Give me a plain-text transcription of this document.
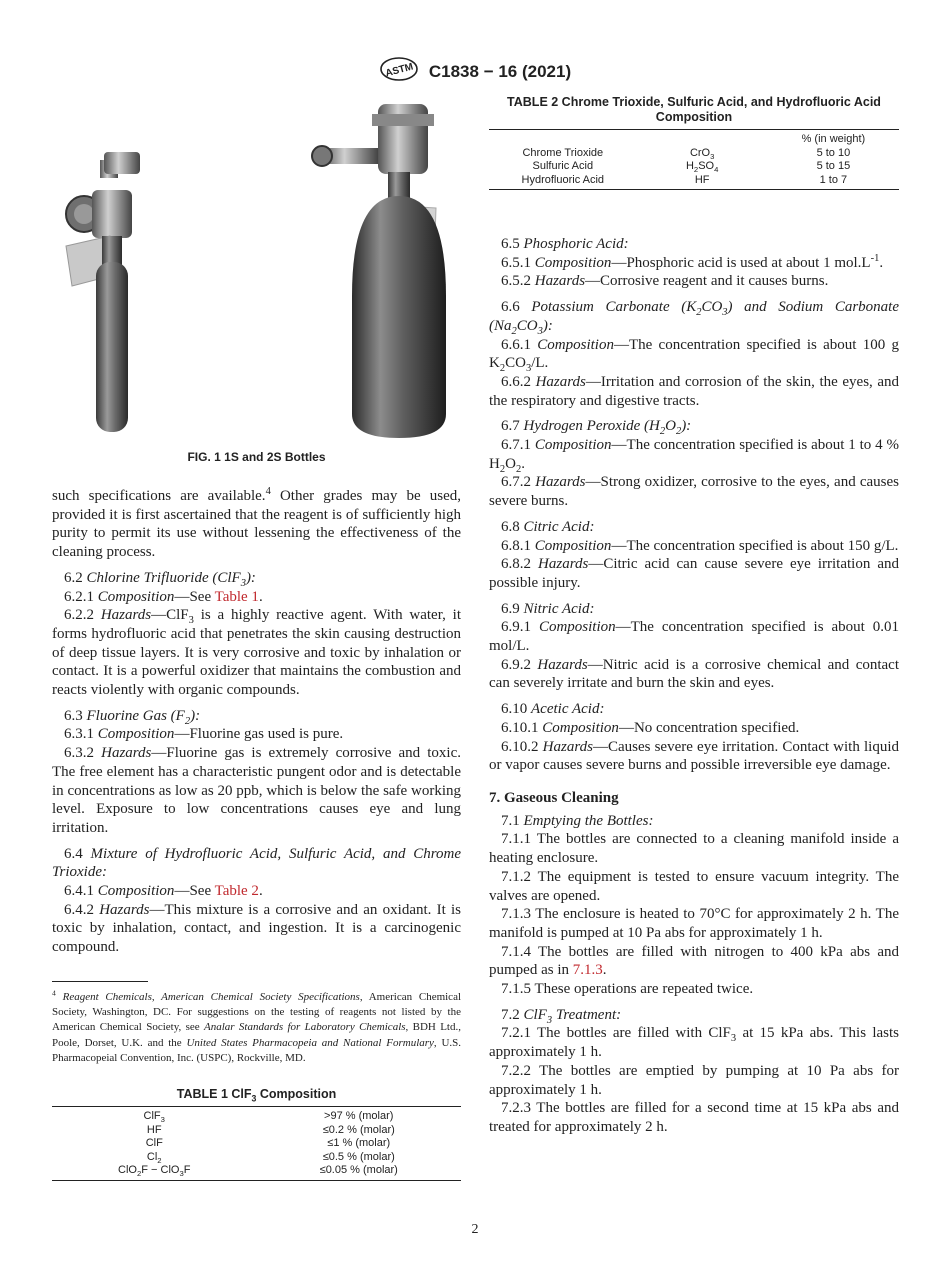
ASTM C1838 − 16 (2021)
FIG. 1 1S and 2S Bottles

such specifications are available.$^4$ Other grades may be used, provided it is first ascertained that the reagent is of sufficiently high purity to permit its use without lessening the effectiveness of the cleaning process.

6.2 Chlorine Trifluoride (ClF$_3$):

6.2.1 Composition—See Table 1.

6.2.2 Hazards—ClF$_3$ is a highly reactive agent. With water, it forms hydrofluoric acid that penetrates the skin causing destruction of deep tissue layers. It is very corrosive and toxic by inhalation or contact. It is a powerful oxidizer that maintains the combustion and reacts violently with organic compounds.

6.3 Fluorine Gas $(F_2)$:

6.3.1 Composition—Fluorine gas used is pure.

6.3.2 Hazards—Fluorine gas is extremely corrosive and toxic. The free element has a characteristic pungent odor and is detectable in concentrations as low as 20 ppb, which is below the safe working level. Exposure to low concentrations causes eye and lung irritation.

6.4 Mixture of Hydrofluoric Acid, Sulfuric Acid, and Chrome Trioxide:

6.4.1 Composition—See Table 2.

6.4.2 Hazards—This mixture is a corrosive and an oxidant. It is toxic by inhalation, contact, and ingestion. It is a carcinogenic compound.

$^4$ Reagent Chemicals, American Chemical Society Specifications, American Chemical Society, Washington, DC. For suggestions on the testing of reagents not listed by the American Chemical Society, see Analar Standards for Laboratory Chemicals, BDH Ltd., Poole, Dorset, U.K. and the United States Pharmacopeia and National Formulary, U.S. Pharmacopeial Convention, Inc. (USPC), Rockville, MD.
TABLE 1 ClF$_3$ Composition
ClF$_3$	>97 % (molar)
HF	≤0.2 % (molar)
ClF	≤1 % (molar)
$Cl_2$	≤0.5 % (molar)
ClO$_2$F − ClO$_3$F	≤0.05 % (molar)
TABLE 2 Chrome Trioxide, Sulfuric Acid, and Hydrofluoric Acid Composition
		% (in weight)
Chrome Trioxide	CrO$_3$	5 to 10
Sulfuric Acid	$H_2SO_4$	5 to 15
Hydrofluoric Acid	HF	1 to 7

6.5 Phosphoric Acid:

6.5.1 Composition—Phosphoric acid is used at about 1 $mol.L^{-1}$.

6.5.2 Hazards—Corrosive reagent and it causes burns.

6.6 Potassium Carbonate $(K_2CO_3)$ and Sodium Carbonate $(Na_2CO_3)$:

6.6.1 Composition—The concentration specified is about 100 g $K_2CO_3/L$.

6.6.2 Hazards—Irritation and corrosion of the skin, the eyes, and the respiratory and digestive tracts.

6.7 Hydrogen Peroxide $(H_2O_2)$:

6.7.1 Composition—The concentration specified is about 1 to 4 % $H_2O_2$.

6.7.2 Hazards—Strong oxidizer, corrosive to the eyes, and causes severe burns.

6.8 Citric Acid:

6.8.1 Composition—The concentration specified is about 150 g/L.

6.8.2 Hazards—Citric acid can cause severe eye irritation and possible injury.

6.9 Nitric Acid:

6.9.1 Composition—The concentration specified is about 0.01 mol/L.

6.9.2 Hazards—Nitric acid is a corrosive chemical and contact can severely irritate and burn the skin and eyes.

6.10 Acetic Acid:

6.10.1 Composition—No concentration specified.

6.10.2 Hazards—Causes severe eye irritation. Contact with liquid or vapor causes severe burns and possible irreversible eye damage.

7. Gaseous Cleaning

7.1 Emptying the Bottles:

7.1.1 The bottles are connected to a cleaning manifold inside a heating enclosure.

7.1.2 The equipment is tested to ensure vacuum integrity. The valves are opened.

7.1.3 The enclosure is heated to 70°C for approximately 2 h. The manifold is pumped at 10 Pa abs for approximately 1 h.

7.1.4 The bottles are filled with nitrogen to 400 kPa abs and pumped as in 7.1.3.

7.1.5 These operations are repeated twice.

7.2 ClF$_3$ Treatment:

7.2.1 The bottles are filled with ClF$_3$ at 15 kPa abs. This lasts approximately 1 h.

7.2.2 The bottles are emptied by pumping at 10 Pa abs for approximately 1 h.

7.2.3 The bottles are filled for a second time at 15 kPa abs and treated for approximately 2 h.

2
